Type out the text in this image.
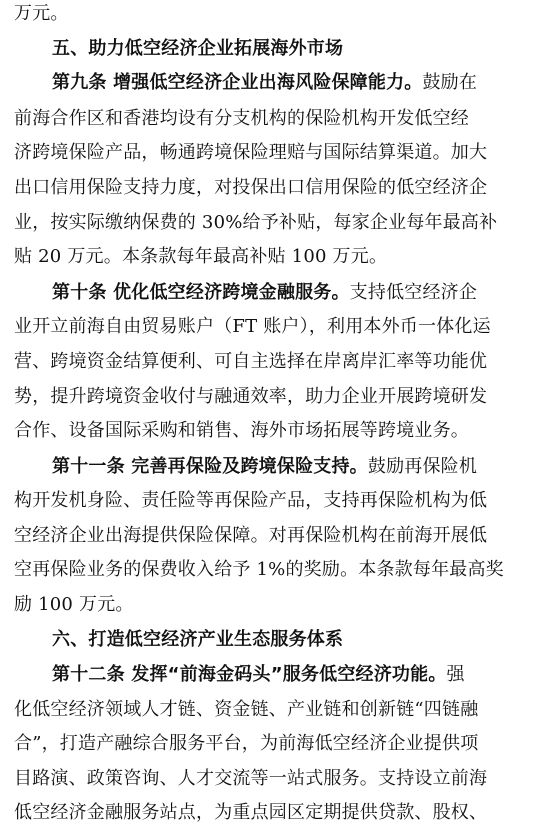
万元。
五、助力低空经济企业拓展海外市场
第九条 增强低空经济企业出海风险保障能力。鼓励在
前海合作区和香港均设有分支机构的保险机构开发低空经
济跨境保险产品，畅通跨境保险理赔与国际结算渠道。加大
出口信用保险支持力度，对投保出口信用保险的低空经济企
业，按实际缴纳保费的 30%给予补贴，每家企业每年最高补
贴 20 万元。本条款每年最高补贴 100 万元。
第十条 优化低空经济跨境金融服务。支持低空经济企
业开立前海自由贸易账户（FT 账户），利用本外币一体化运
营、跨境资金结算便利、可自主选择在岸离岸汇率等功能优
势，提升跨境资金收付与融通效率，助力企业开展跨境研发
合作、设备国际采购和销售、海外市场拓展等跨境业务。
第十一条 完善再保险及跨境保险支持。鼓励再保险机
构开发机身险、责任险等再保险产品，支持再保险机构为低
空经济企业出海提供保险保障。对再保险机构在前海开展低
空再保险业务的保费收入给予 1%的奖励。本条款每年最高奖
励 100 万元。
六、打造低空经济产业生态服务体系
第十二条 发挥“前海金码头”服务低空经济功能。强
化低空经济领域人才链、资金链、产业链和创新链“四链融
合”，打造产融综合服务平台，为前海低空经济企业提供项
目路演、政策咨询、人才交流等一站式服务。支持设立前海
低空经济金融服务站点，为重点园区定期提供贷款、股权、
